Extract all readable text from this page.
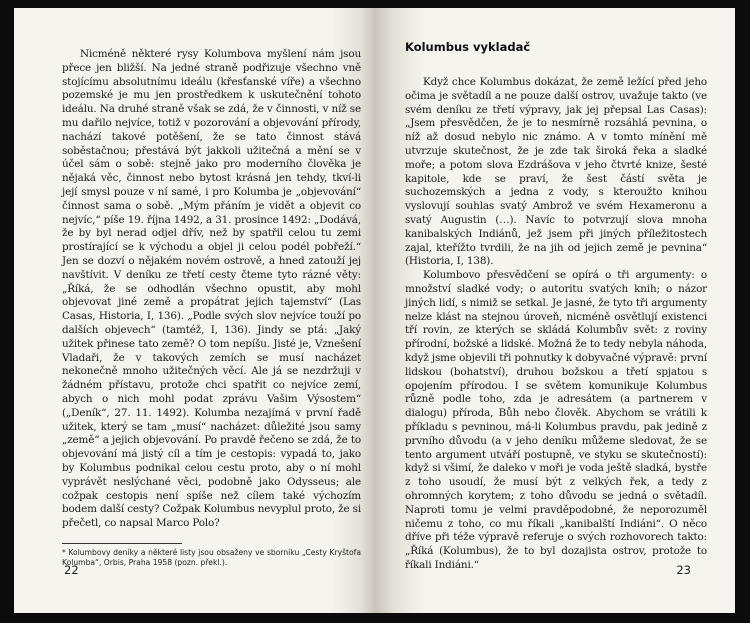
Nicméně některé rysy Kolumbova myšlení nám jsou přece jen bližší. Na jedné straně podřizuje všechno vně stojícímu absolutnímu ideálu (křesťanské víře) a všechno pozemské je mu jen prostředkem k uskutečnění tohoto ideálu. Na druhé straně však se zdá, že v činnosti, v níž se mu dařilo nejvíce, totiž v pozorování a objevování přírody, nachází takové potěšení, že se tato činnost stává soběstačnou; přestává být jakkoli užitečná a mění se v účel sám o sobě: stejně jako pro moderního člověka je nějaká věc, činnost nebo bytost krásná jen tehdy, tkví-li její smysl pouze v ní samé, i pro Kolumba je „objevování“ činnost sama o sobě. „Mým přáním je vidět a objevit co nejvíc,“ píše 19. října 1492, a 31. prosince 1492: „Dodává, že by byl nerad odjel dřív, než by spatřil celou tu zemi prostírající se k východu a objel ji celou podél pobřeží.“ Jen se dozví o nějakém novém ostrově, a hned zatouží jej navštívit. V deníku ze třetí cesty čteme tyto rázné věty: „Říká, že se odhodlán všechno opustit, aby mohl objevovat jiné země a propátrat jejich tajemství“ (Las Casas, Historia, I, 136). „Podle svých slov nejvíce touží po dalších objevech“ (tamtéž, I, 136). Jindy se ptá: „Jaký užitek přinese tato země? O tom nepíšu. Jisté je, Vznešení Vladaři, že v takových zemích se musí nacházet nekonečně mnoho užitečných věcí. Ale já se nezdržuji v žádném přístavu, protože chci spatřit co nejvíce zemí, abych o nich mohl podat zprávu Vašim Výsostem“ („Deník“, 27. 11. 1492). Kolumba nezajímá v první řadě užitek, který se tam „musí“ nacházet: důležité jsou samy „země“ a jejich objevování. Po pravdě řečeno se zdá, že to objevování má jistý cíl a tím je cestopis: vypadá to, jako by Kolumbus podnikal celou cestu proto, aby o ní mohl vyprávět neslýchané věci, podobně jako Odysseus; ale cožpak cestopis není spíše než cílem také výchozím bodem další cesty? Cožpak Kolumbus nevyplul proto, že si přečetl, co napsal Marco Polo?

* Kolumbovy deníky a některé listy jsou obsaženy ve sborníku „Cesty Kryštofa Kolumba“, Orbis, Praha 1958 (pozn. překl.).
22
Kolumbus vykladač

Když chce Kolumbus dokázat, že země ležící před jeho očima je světadíl a ne pouze další ostrov, uvažuje takto (ve svém deníku ze třetí výpravy, jak jej přepsal Las Casas): „Jsem přesvědčen, že je to nesmírně rozsáhlá pevnina, o níž až dosud nebylo nic známo. A v tomto mínění mě utvrzuje skutečnost, že je zde tak široká řeka a sladké moře; a potom slova Ezdrášova v jeho čtvrté knize, šesté kapitole, kde se praví, že šest částí světa je suchozemských a jedna z vody, s kteroužto knihou vyslovují souhlas svatý Ambrož ve svém Hexameronu a svatý Augustin (…). Navíc to potvrzují slova mnoha kanibalských Indiánů, jež jsem při jiných příležitostech zajal, kteřížto tvrdili, že na jih od jejich země je pevnina“ (Historia, I, 138).

Kolumbovo přesvědčení se opírá o tři argumenty: o množství sladké vody; o autoritu svatých knih; o názor jiných lidí, s nimiž se setkal. Je jasné, že tyto tři argumenty nelze klást na stejnou úroveň, nicméně osvětlují existenci tří rovin, ze kterých se skládá Kolumbův svět: z roviny přírodní, božské a lidské. Možná že to tedy nebyla náhoda, když jsme objevili tři pohnutky k dobyvačné výpravě: první lidskou (bohatství), druhou božskou a třetí spjatou s opojením přírodou. I se světem komunikuje Kolumbus různě podle toho, zda je adresátem (a partnerem v dialogu) příroda, Bůh nebo člověk. Abychom se vrátili k příkladu s pevninou, má-li Kolumbus pravdu, pak jedině z prvního důvodu (a v jeho deníku můžeme sledovat, že se tento argument utváří postupně, ve styku se skutečností): když si všimí, že daleko v moři je voda ještě sladká, bystře z toho usoudí, že musí být z velkých řek, a tedy z ohromných korytem; z toho důvodu se jedná o světadíl. Naproti tomu je velmi pravděpodobné, že neporozuměl ničemu z toho, co mu říkali „kanibalští Indiáni“. O něco dříve při téže výpravě referuje o svých rozhovorech takto: „Říká (Kolumbus), že to byl dozajista ostrov, protože to říkali Indiáni.“	23
